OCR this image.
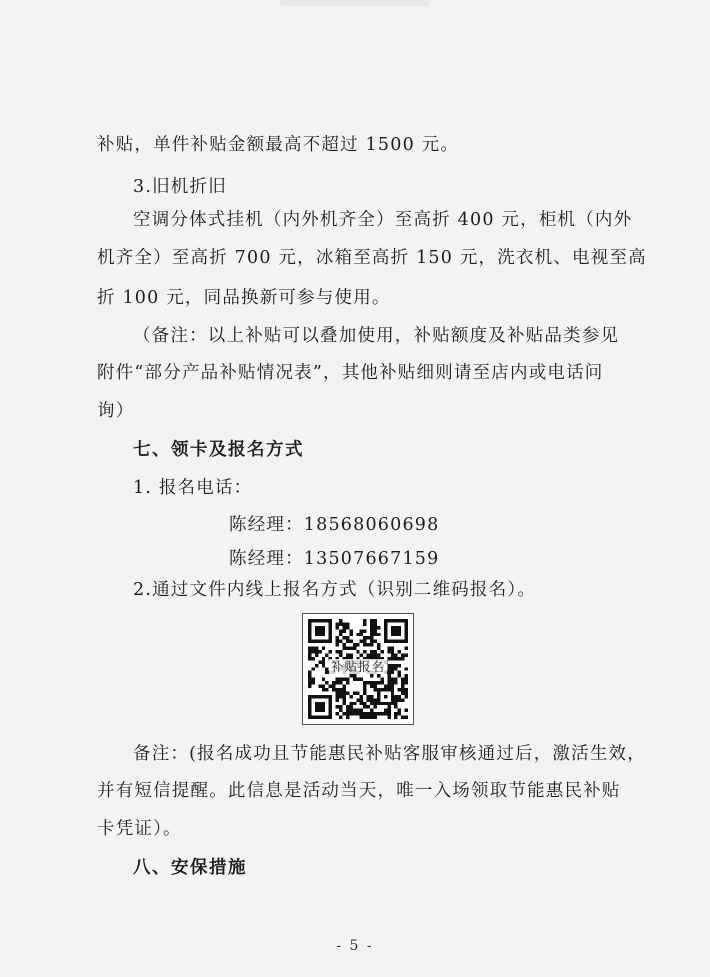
补贴，单件补贴金额最高不超过 1500 元。
3.旧机折旧
空调分体式挂机（内外机齐全）至高折 400 元，柜机（内外
机齐全）至高折 700 元，冰箱至高折 150 元，洗衣机、电视至高
折 100 元，同品换新可参与使用。
（备注：以上补贴可以叠加使用，补贴额度及补贴品类参见
附件“部分产品补贴情况表”，其他补贴细则请至店内或电话问
询）
七、领卡及报名方式
1. 报名电话：
陈经理：18568060698
陈经理：13507667159
2.通过文件内线上报名方式（识别二维码报名）。
补贴报名
备注：(报名成功且节能惠民补贴客服审核通过后，激活生效，
并有短信提醒。此信息是活动当天，唯一入场领取节能惠民补贴
卡凭证）。
八、安保措施
- 5 -
